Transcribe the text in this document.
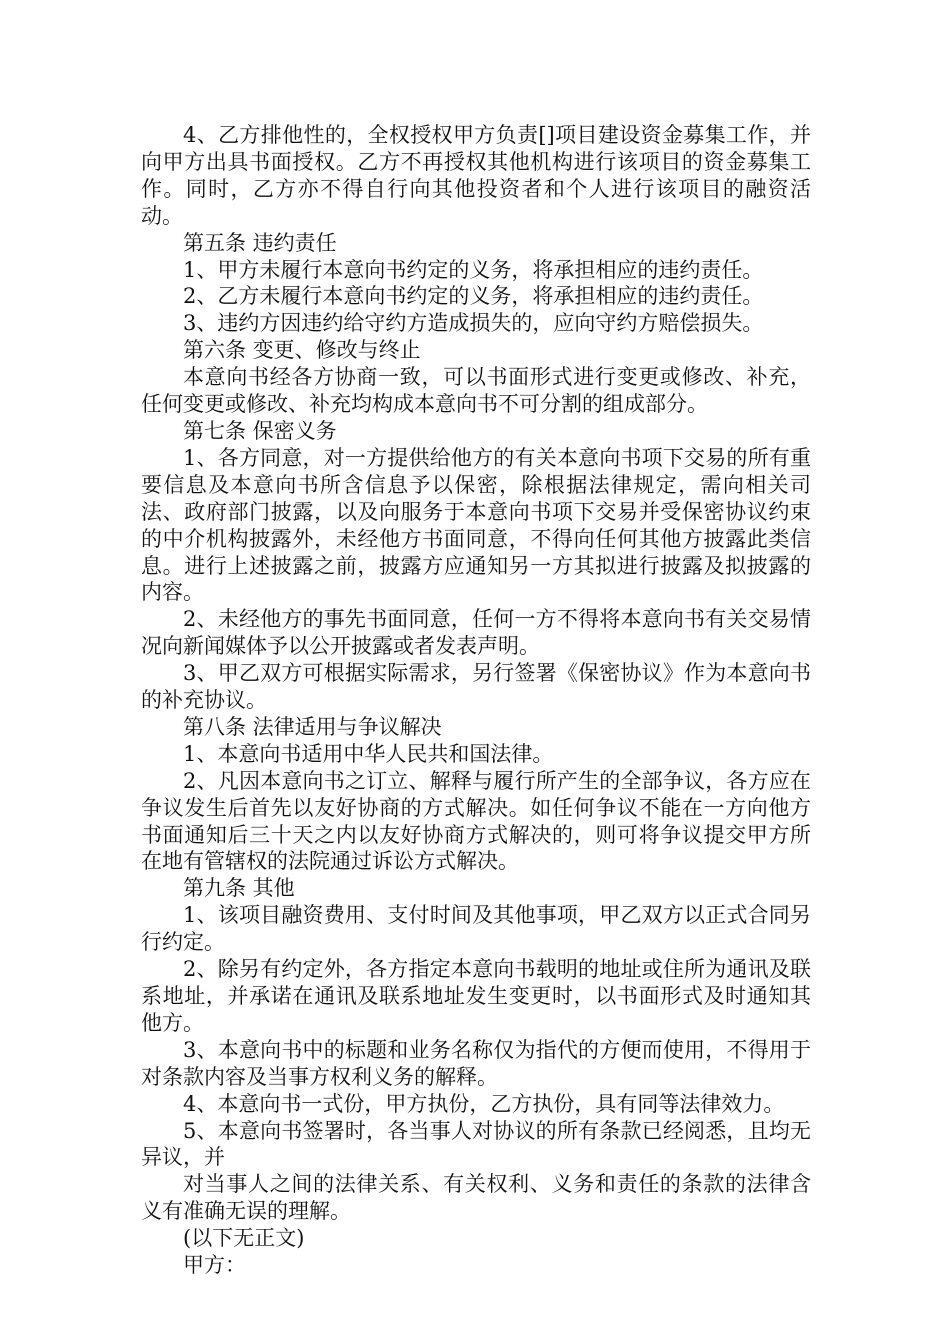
4、乙方排他性的，全权授权甲方负责[]项目建设资金募集工作，并向甲方出具书面授权。乙方不再授权其他机构进行该项目的资金募集工作。同时，乙方亦不得自行向其他投资者和个人进行该项目的融资活动。

第五条 违约责任

1、甲方未履行本意向书约定的义务，将承担相应的违约责任。

2、乙方未履行本意向书约定的义务，将承担相应的违约责任。

3、违约方因违约给守约方造成损失的，应向守约方赔偿损失。

第六条 变更、修改与终止

本意向书经各方协商一致，可以书面形式进行变更或修改、补充，任何变更或修改、补充均构成本意向书不可分割的组成部分。

第七条 保密义务

1、各方同意，对一方提供给他方的有关本意向书项下交易的所有重要信息及本意向书所含信息予以保密，除根据法律规定，需向相关司法、政府部门披露，以及向服务于本意向书项下交易并受保密协议约束的中介机构披露外，未经他方书面同意，不得向任何其他方披露此类信息。进行上述披露之前，披露方应通知另一方其拟进行披露及拟披露的内容。

2、未经他方的事先书面同意，任何一方不得将本意向书有关交易情况向新闻媒体予以公开披露或者发表声明。

3、甲乙双方可根据实际需求，另行签署《保密协议》作为本意向书的补充协议。

第八条 法律适用与争议解决

1、本意向书适用中华人民共和国法律。

2、凡因本意向书之订立、解释与履行所产生的全部争议，各方应在争议发生后首先以友好协商的方式解决。如任何争议不能在一方向他方书面通知后三十天之内以友好协商方式解决的，则可将争议提交甲方所在地有管辖权的法院通过诉讼方式解决。

第九条 其他

1、该项目融资费用、支付时间及其他事项，甲乙双方以正式合同另行约定。

2、除另有约定外，各方指定本意向书载明的地址或住所为通讯及联系地址，并承诺在通讯及联系地址发生变更时，以书面形式及时通知其他方。

3、本意向书中的标题和业务名称仅为指代的方便而使用，不得用于对条款内容及当事方权利义务的解释。

4、本意向书一式份，甲方执份，乙方执份，具有同等法律效力。

5、本意向书签署时，各当事人对协议的所有条款已经阅悉，且均无异议，并

对当事人之间的法律关系、有关权利、义务和责任的条款的法律含义有准确无误的理解。

(以下无正文)

甲方：
